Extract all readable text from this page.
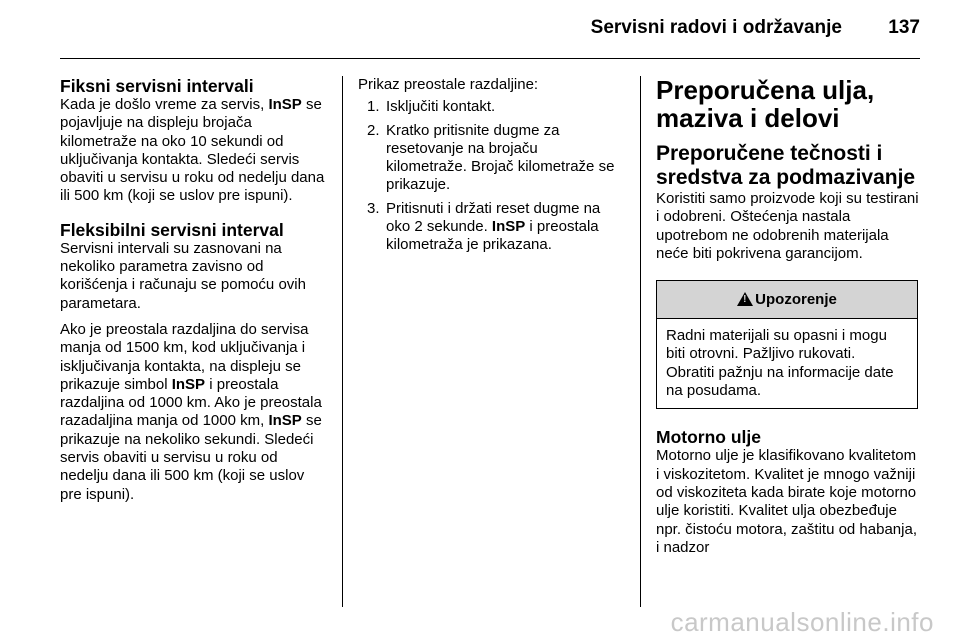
Servisni radovi i održavanje 137
Fiksni servisni intervali

Kada je došlo vreme za servis, InSP se pojavljuje na displeju brojača kilometraže na oko 10 sekundi od uključivanja kontakta. Sledeći servis obaviti u servisu u roku od nedelju dana ili 500 km (koji se uslov pre ispuni).

Fleksibilni servisni interval

Servisni intervali su zasnovani na nekoliko parametra zavisno od korišćenja i računaju se pomoću ovih parametara.

Ako je preostala razdaljina do servisa manja od 1500 km, kod uključivanja i isključivanja kontakta, na displeju se prikazuje simbol InSP i preostala razdaljina od 1000 km. Ako je preostala razadaljina manja od 1000 km, InSP se prikazuje na nekoliko sekundi. Sledeći servis obaviti u servisu u roku od nedelju dana ili 500 km (koji se uslov pre ispuni).

Prikaz preostale razdaljine:

1. Isključiti kontakt.
2. Kratko pritisnite dugme za resetovanje na brojaču kilometraže. Brojač kilometraže se prikazuje.
3. Pritisnuti i držati reset dugme na oko 2 sekunde. InSP i preostala kilometraža je prikazana.
Preporučena ulja, maziva i delovi
Preporučene tečnosti i sredstva za podmazivanje

Koristiti samo proizvode koji su testirani i odobreni. Oštećenja nastala upotrebom ne odobrenih materijala neće biti pokrivena garancijom.

!
Upozorenje

Radni materijali su opasni i mogu biti otrovni. Pažljivo rukovati.

Obratiti pažnju na informacije date na posudama.

Motorno ulje

Motorno ulje je klasifikovano kvalitetom i viskozitetom. Kvalitet je mnogo važniji od viskoziteta kada birate koje motorno ulje koristiti. Kvalitet ulja obezbeđuje npr. čistoću motora, zaštitu od habanja, i nadzor

carmanualsonline.info
